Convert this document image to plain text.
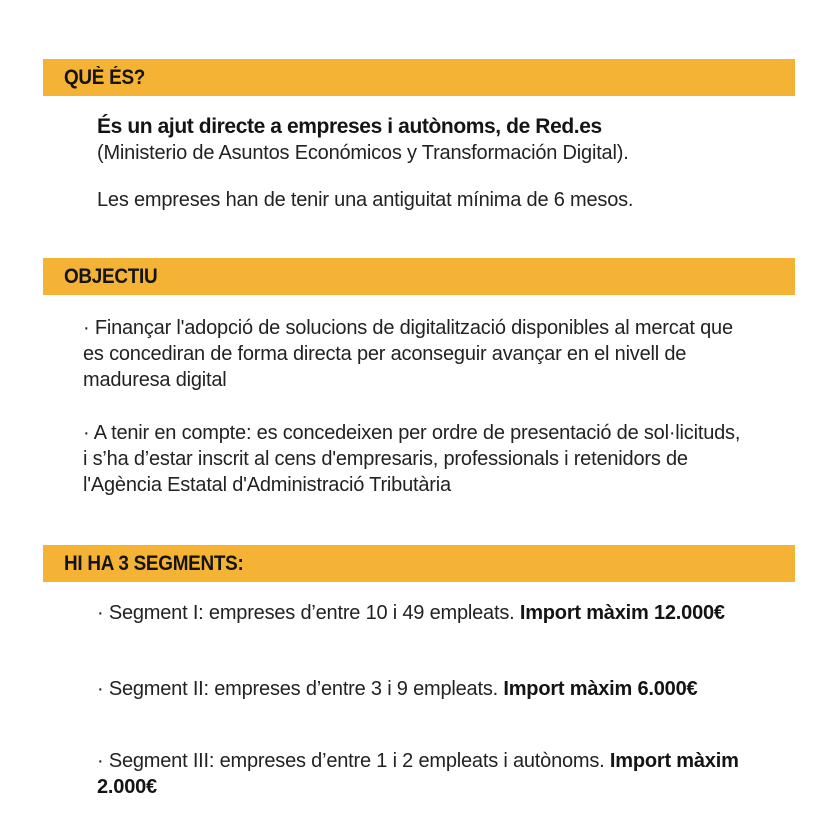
QUÈ ÉS?
És un ajut directe a empreses i autònoms, de Red.es
(Ministerio de Asuntos Económicos y Transformación Digital).
Les empreses han de tenir una antiguitat mínima de 6 mesos.
OBJECTIU
· Finançar l'adopció de solucions de digitalització disponibles al mercat que es concediran de forma directa per aconseguir avançar en el nivell de maduresa digital
· A tenir en compte: es concedeixen per ordre de presentació de sol·licituds, i s’ha d’estar inscrit al cens d'empresaris, professionals i retenidors de l'Agència Estatal d'Administració Tributària
HI HA 3 SEGMENTS:
· Segment I: empreses d’entre 10 i 49 empleats. Import màxim 12.000€
· Segment II: empreses d’entre 3 i 9 empleats. Import màxim 6.000€
· Segment III: empreses d’entre 1 i 2 empleats i autònoms. Import màxim 2.000€
